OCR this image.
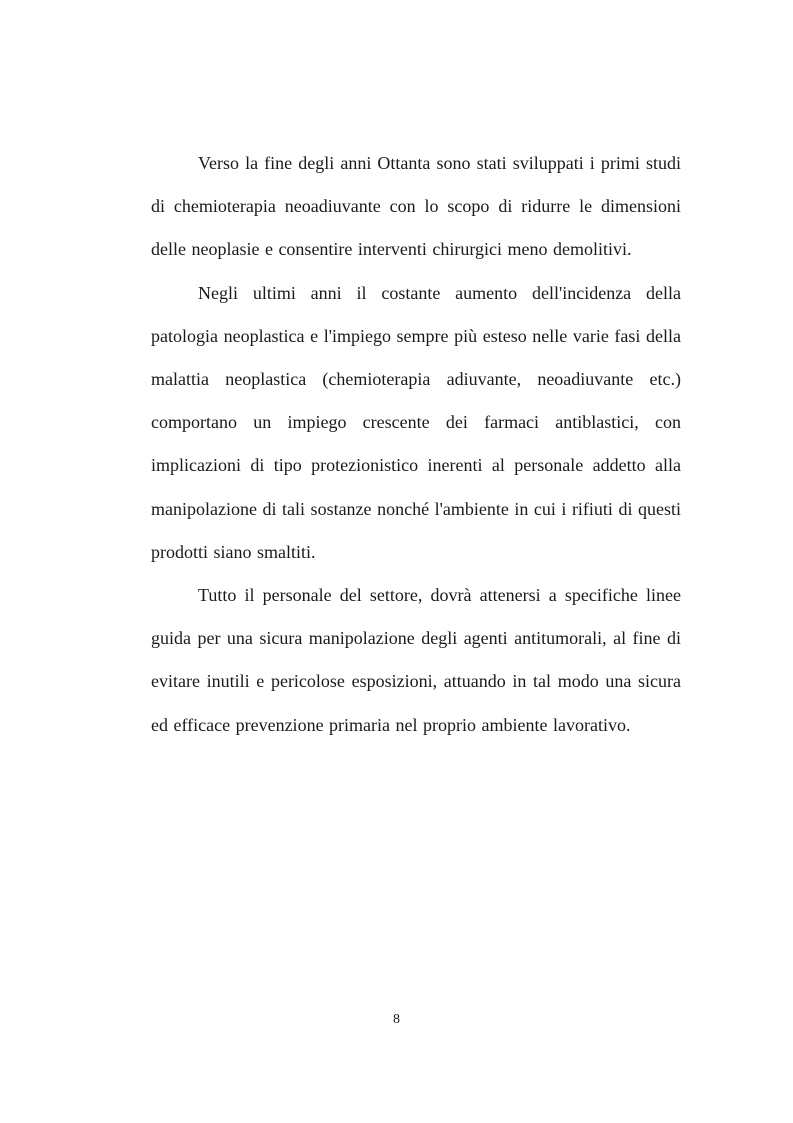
Verso la fine degli anni Ottanta sono stati sviluppati i primi studi di chemioterapia neoadiuvante con lo scopo di ridurre le dimensioni delle neoplasie e consentire interventi chirurgici meno demolitivi.

Negli ultimi anni il costante aumento dell'incidenza della patologia neoplastica e l'impiego sempre più esteso nelle varie fasi della malattia neoplastica (chemioterapia adiuvante, neoadiuvante etc.) comportano un impiego crescente dei farmaci antiblastici, con implicazioni di tipo protezionistico inerenti al personale addetto alla manipolazione di tali sostanze nonché l'ambiente in cui i rifiuti di questi prodotti siano smaltiti.

Tutto il personale del settore, dovrà attenersi a specifiche linee guida per una sicura manipolazione degli agenti antitumorali, al fine di evitare inutili e pericolose esposizioni, attuando in tal modo una sicura ed efficace prevenzione primaria nel proprio ambiente lavorativo.

8
